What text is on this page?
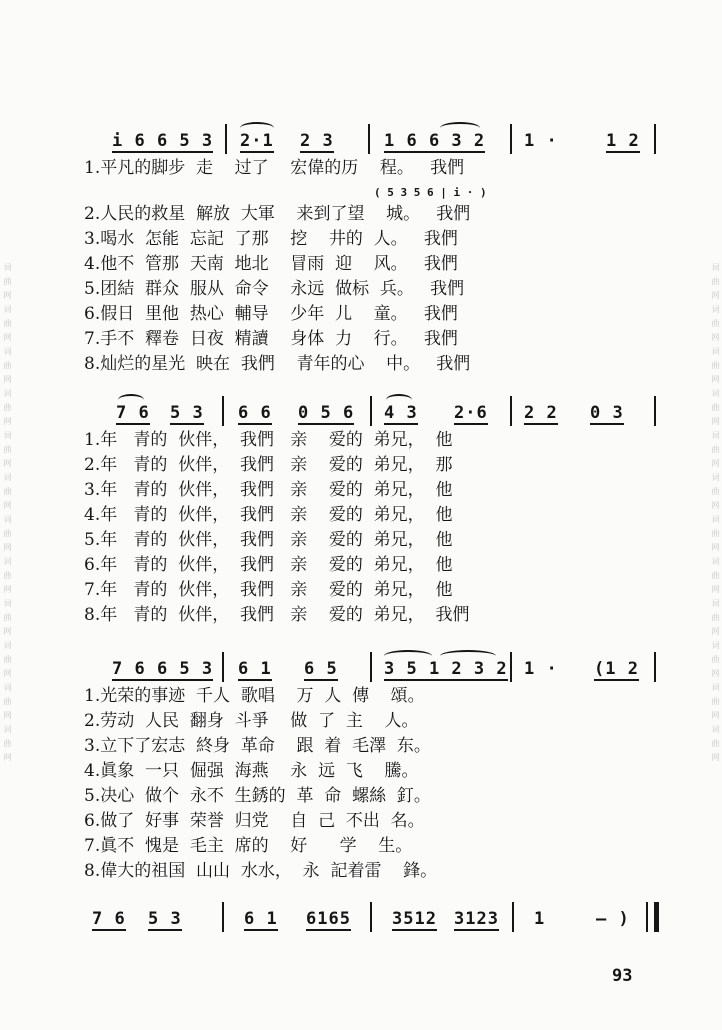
词曲网词曲网词曲网词曲网词曲网词曲网词曲网词曲网词曲网词曲网词曲网词曲网	词曲网词曲网词曲网词曲网词曲网词曲网词曲网词曲网词曲网词曲网词曲网词曲网
i 6 6 5 3 2·1 2 3	1 6 6 3 2 1 ·	1 2
( 5 3 5 6 | i · )
1.平凡的脚步  走    过了    宏偉的历    程。   我們
2.人民的救星  解放  大軍    来到了望    城。   我們
3.喝水  怎能  忘記  了那    挖    井的  人。   我們
4.他不  管那  天南  地北    冒雨  迎    风。   我們
5.团結  群众  服从  命令    永远  做标  兵。   我們
6.假日  里他  热心  輔导    少年  儿    童。   我們
7.手不  釋卷  日夜  精讀    身体  力    行。   我們
8.灿烂的星光  映在  我們    青年的心    中。   我們
7 6 5 3 6 6 0 5 6 4 3 2·6 2 2 0 3
1.年   青的  伙伴，  我們   亲    爱的  弟兄，  他
2.年   青的  伙伴，  我們   亲    爱的  弟兄，  那
3.年   青的  伙伴，  我們   亲    爱的  弟兄，  他
4.年   青的  伙伴，  我們   亲    爱的  弟兄，  他
5.年   青的  伙伴，  我們   亲    爱的  弟兄，  他
6.年   青的  伙伴，  我們   亲    爱的  弟兄，  他
7.年   青的  伙伴，  我們   亲    爱的  弟兄，  他
8.年   青的  伙伴，  我們   亲    爱的  弟兄，  我們
7 6 6 5 3 6 1 6 5	3 5 1 2 3 2 1 · (1 2
1.光荣的事迹  千人  歌唱    万  人  傳    頌。
2.劳动  人民  翻身  斗爭    做  了  主    人。
3.立下了宏志  終身  革命    跟  着  毛澤  东。
4.眞象  一只  倔强  海燕    永  远  飞    騰。
5.决心  做个  永不  生銹的  革  命  螺絲  釘。
6.做了  好事  荣誉  归党    自  己  不出  名。
7.眞不  愧是  毛主  席的    好      学    生。
8.偉大的祖国  山山  水水，  永  記着雷    鋒。
7 6 5 3	6 1 6165 3512 3123 1	– )
93
